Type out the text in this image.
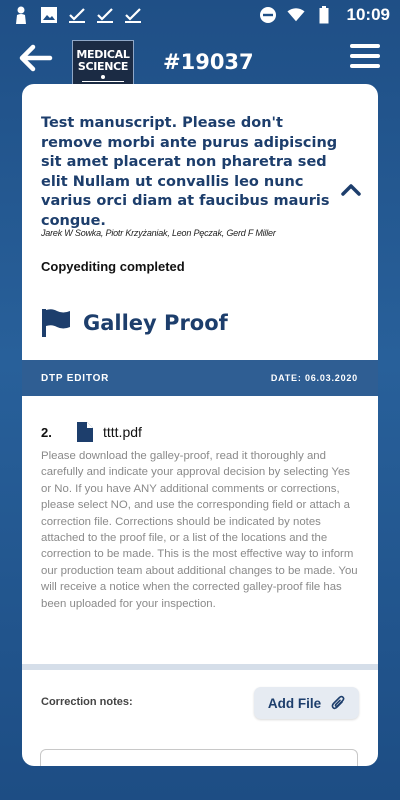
10:09
MEDICAL
SCIENCE #19037
Test manuscript. Please don't remove morbi ante purus adipiscing sit amet placerat non pharetra sed elit Nullam ut convallis leo nunc varius orci diam at faucibus mauris congue.
Jarek W Sowka, Piotr Krzyżaniak, Leon Pęczak, Gerd F Miller
Copyediting completed
Galley Proof
DTP EDITOR	DATE: 06.03.2020
2.	tttt.pdf

Please download the galley-proof, read it thoroughly and carefully and indicate your approval decision by selecting Yes or No. If you have ANY additional comments or corrections, please select NO, and use the corresponding field or attach a correction file. Corrections should be indicated by notes attached to the proof file, or a list of the locations and the correction to be made. This is the most effective way to inform our production team about additional changes to be made. You will receive a notice when the corrected galley-proof file has been uploaded for your inspection.

Correction notes:	Add File
